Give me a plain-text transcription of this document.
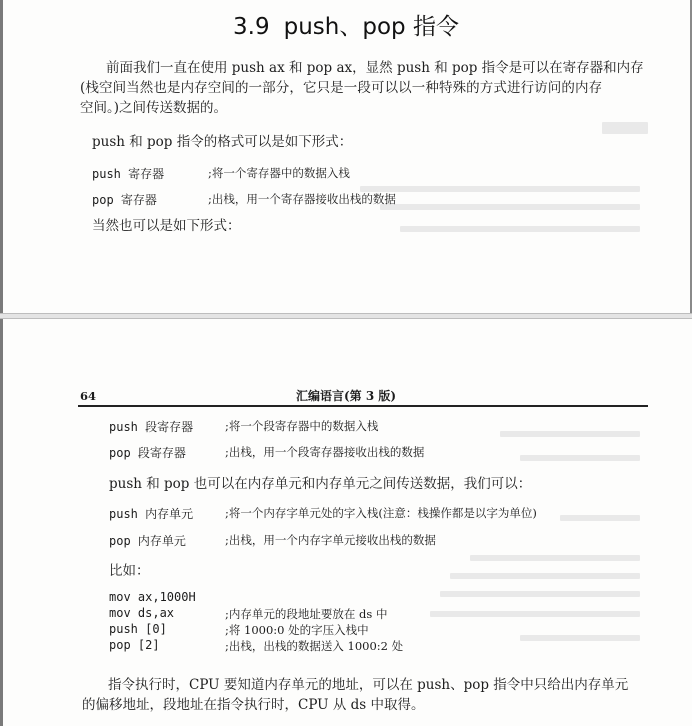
3.9 push、pop 指令
前面我们一直在使用 push ax 和 pop ax，显然 push 和 pop 指令是可以在寄存器和内存
(栈空间当然也是内存空间的一部分，它只是一段可以以一种特殊的方式进行访问的内存
空间。)之间传送数据的。
push 和 pop 指令的格式可以是如下形式：
push 寄存器	;将一个寄存器中的数据入栈
pop 寄存器	;出栈，用一个寄存器接收出栈的数据
当然也可以是如下形式：
64	汇编语言(第 3 版)
push 段寄存器	;将一个段寄存器中的数据入栈
pop 段寄存器	;出栈，用一个段寄存器接收出栈的数据
push 和 pop 也可以在内存单元和内存单元之间传送数据，我们可以：
push 内存单元	;将一个内存字单元处的字入栈(注意：栈操作都是以字为单位)
pop 内存单元	;出栈，用一个内存字单元接收出栈的数据
比如：
mov ax,1000H
mov ds,ax	;内存单元的段地址要放在 ds 中
push [0]	;将 1000:0 处的字压入栈中
pop [2]	;出栈，出栈的数据送入 1000:2 处
指令执行时，CPU 要知道内存单元的地址，可以在 push、pop 指令中只给出内存单元
的偏移地址，段地址在指令执行时，CPU 从 ds 中取得。
